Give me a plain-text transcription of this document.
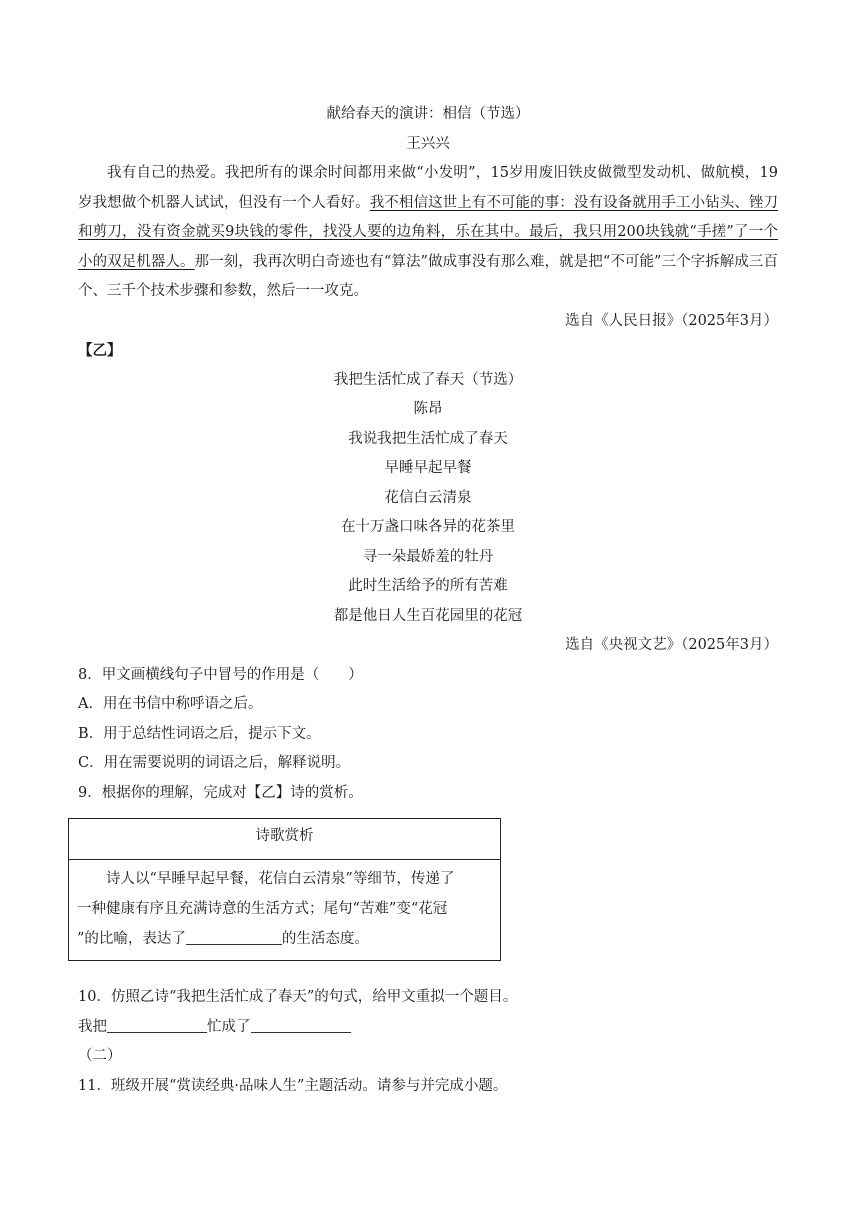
献给春天的演讲：相信（节选）
王兴兴
我有自己的热爱。我把所有的课余时间都用来做“小发明”，15岁用废旧铁皮做微型发动机、做航模，19岁我想做个机器人试试，但没有一个人看好。我不相信这世上有不可能的事：没有设备就用手工小钻头、锉刀和剪刀，没有资金就买9块钱的零件，找没人要的边角料，乐在其中。最后，我只用200块钱就“手搓”了一个小的双足机器人。那一刻，我再次明白奇迹也有“算法”做成事没有那么难，就是把“不可能”三个字拆解成三百个、三千个技术步骤和参数，然后一一攻克。
选自《人民日报》（2025年3月）
【乙】
我把生活忙成了春天（节选）
陈昂
我说我把生活忙成了春天
早睡早起早餐
花信白云清泉
在十万盏口味各异的花茶里
寻一朵最娇羞的牡丹
此时生活给予的所有苦难
都是他日人生百花园里的花冠
选自《央视文艺》（2025年3月）
8．甲文画横线句子中冒号的作用是（　　）
A．用在书信中称呼语之后。
B．用于总结性词语之后，提示下文。
C．用在需要说明的词语之后，解释说明。
9．根据你的理解，完成对【乙】诗的赏析。
诗歌赏析
诗人以“早睡早起早餐，花信白云清泉”等细节，传递了
一种健康有序且充满诗意的生活方式；尾句“苦难”变“花冠
”的比喻，表达了	的生活态度。
10．仿照乙诗“我把生活忙成了春天”的句式，给甲文重拟一个题目。
我把	忙成了
（二）
11．班级开展“赏读经典·品味人生”主题活动。请参与并完成小题。
